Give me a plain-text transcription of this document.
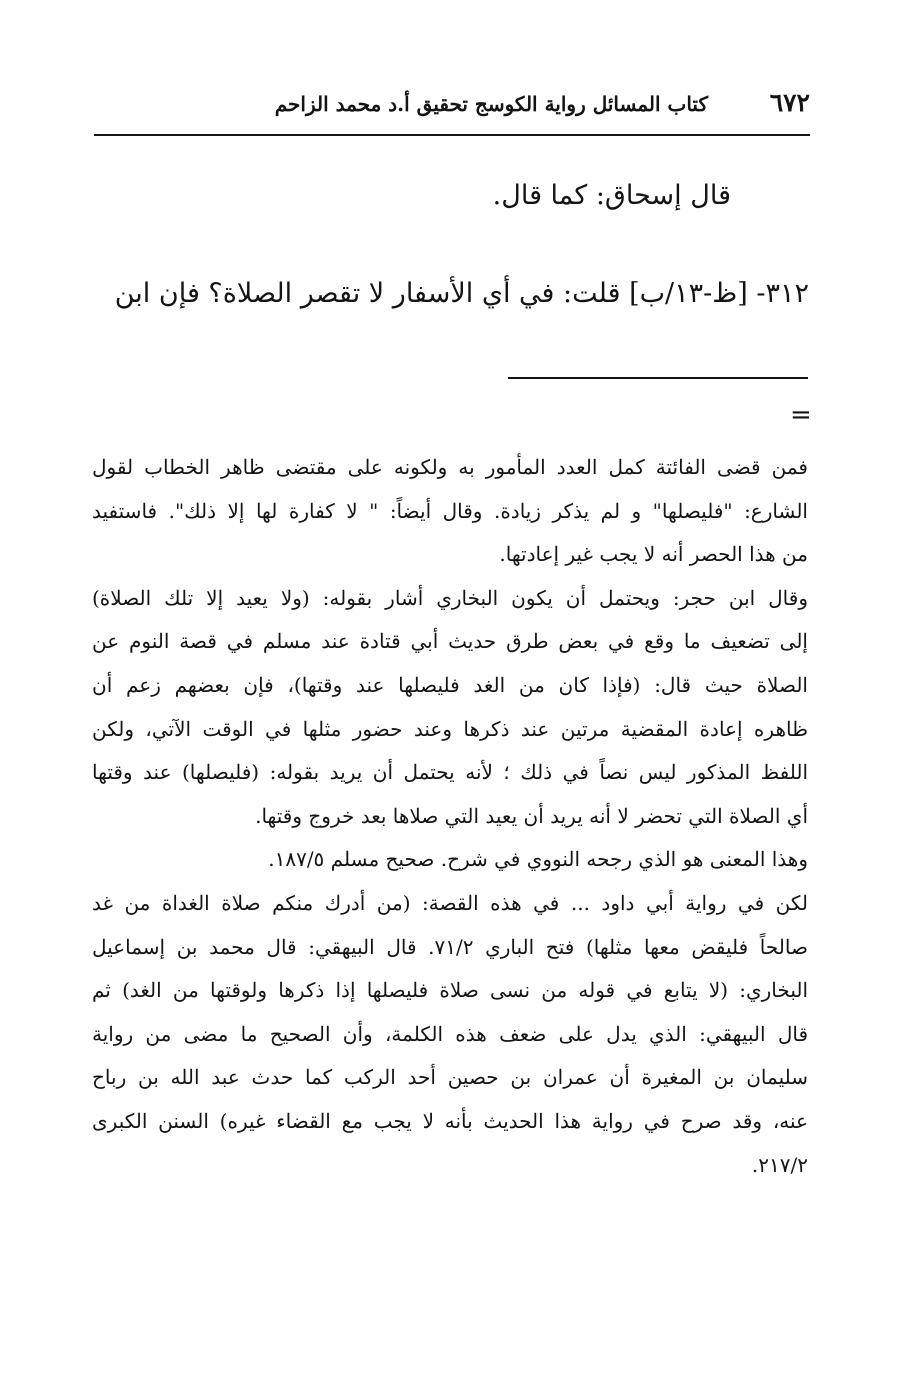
٦٧٢
كتاب المسائل رواية الكوسج تحقيق أ.د محمد الزاحم
قال إسحاق: كما قال.
٣١٢- [ظ-١٣/ب] قلت: في أي الأسفار لا تقصر الصلاة؟ فإن ابن
=
فمن قضى الفائتة كمل العدد المأمور به ولكونه على مقتضى ظاهر الخطاب لقول
الشارع: "فليصلها" و لم يذكر زيادة. وقال أيضاً: " لا كفارة لها إلا ذلك". فاستفيد
من هذا الحصر أنه لا يجب غير إعادتها.
وقال ابن حجر: ويحتمل أن يكون البخاري أشار بقوله: (ولا يعيد إلا تلك الصلاة)
إلى تضعيف ما وقع في بعض طرق حديث أبي قتادة عند مسلم في قصة النوم عن
الصلاة حيث قال: (فإذا كان من الغد فليصلها عند وقتها)، فإن بعضهم زعم أن
ظاهره إعادة المقضية مرتين عند ذكرها وعند حضور مثلها في الوقت الآتي، ولكن
اللفظ المذكور ليس نصاً في ذلك ؛ لأنه يحتمل أن يريد بقوله: (فليصلها) عند وقتها
أي الصلاة التي تحضر لا أنه يريد أن يعيد التي صلاها بعد خروج وقتها.
وهذا المعنى هو الذي رجحه النووي في شرح. صحيح مسلم ١٨٧/٥.
لكن في رواية أبي داود ... في هذه القصة: (من أدرك منكم صلاة الغداة من غد
صالحاً فليقض معها مثلها) فتح الباري ٧١/٢. قال البيهقي: قال محمد بن إسماعيل
البخاري: (لا يتابع في قوله من نسى صلاة فليصلها إذا ذكرها ولوقتها من الغد) ثم
قال البيهقي: الذي يدل على ضعف هذه الكلمة، وأن الصحيح ما مضى من رواية
سليمان بن المغيرة أن عمران بن حصين أحد الركب كما حدث عبد الله بن رباح
عنه، وقد صرح في رواية هذا الحديث بأنه لا يجب مع القضاء غيره) السنن الكبرى
٢١٧/٢.
